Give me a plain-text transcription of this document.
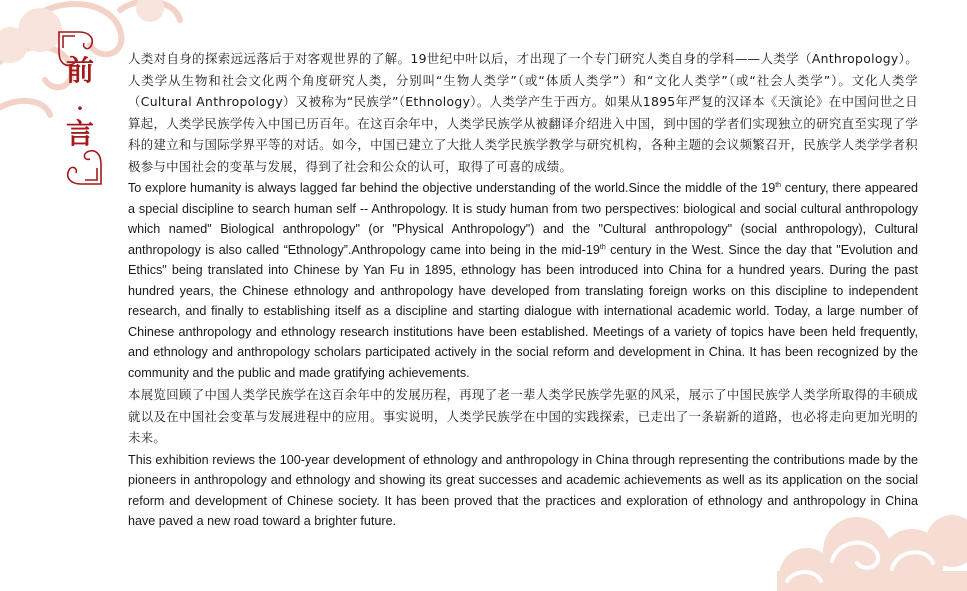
前
·
言

人类对自身的探索远远落后于对客观世界的了解。19世纪中叶以后，才出现了一个专门研究人类自身的学科——人类学（Anthropology）。人类学从生物和社会文化两个角度研究人类，分别叫“生物人类学”（或“体质人类学”）和“文化人类学”（或“社会人类学”）。文化人类学（Cultural Anthropology）又被称为“民族学”（Ethnology）。人类学产生于西方。如果从1895年严复的汉译本《天演论》在中国问世之日算起，人类学民族学传入中国已历百年。在这百余年中，人类学民族学从被翻译介绍进入中国，到中国的学者们实现独立的研究直至实现了学科的建立和与国际学界平等的对话。如今，中国已建立了大批人类学民族学教学与研究机构，各种主题的会议频繁召开，民族学人类学学者积极参与中国社会的变革与发展，得到了社会和公众的认可，取得了可喜的成绩。

To explore humanity is always lagged far behind the objective understanding of the world.Since the middle of the 19th century, there appeared a special discipline to search human self -- Anthropology. It is study human from two perspectives: biological and social cultural anthropology which named" Biological anthropology" (or "Physical Anthropology") and the "Cultural anthropology" (social anthropology), Cultural anthropology is also called “Ethnology”.Anthropology came into being in the mid-19th century in the West. Since the day that "Evolution and Ethics" being translated into Chinese by Yan Fu in 1895, ethnology has been introduced into China for a hundred years. During the past hundred years, the Chinese ethnology and anthropology have developed from translating foreign works on this discipline to independent research, and finally to establishing itself as a discipline and starting dialogue with international academic world. Today, a large number of Chinese anthropology and ethnology research institutions have been established. Meetings of a variety of topics have been held frequently, and ethnology and anthropology scholars participated actively in the social reform and development in China. It has been recognized by the community and the public and made gratifying achievements.

本展览回顾了中国人类学民族学在这百余年中的发展历程，再现了老一辈人类学民族学先驱的风采，展示了中国民族学人类学所取得的丰硕成就以及在中国社会变革与发展进程中的应用。事实说明，人类学民族学在中国的实践探索，已走出了一条崭新的道路，也必将走向更加光明的未来。

This exhibition reviews the 100-year development of ethnology and anthropology in China through representing the contributions made by the pioneers in anthropology and ethnology and showing its great successes and academic achievements as well as its application on the social reform and development of Chinese society. It has been proved that the practices and exploration of ethnology and anthropology in China have paved a new road toward a brighter future.
